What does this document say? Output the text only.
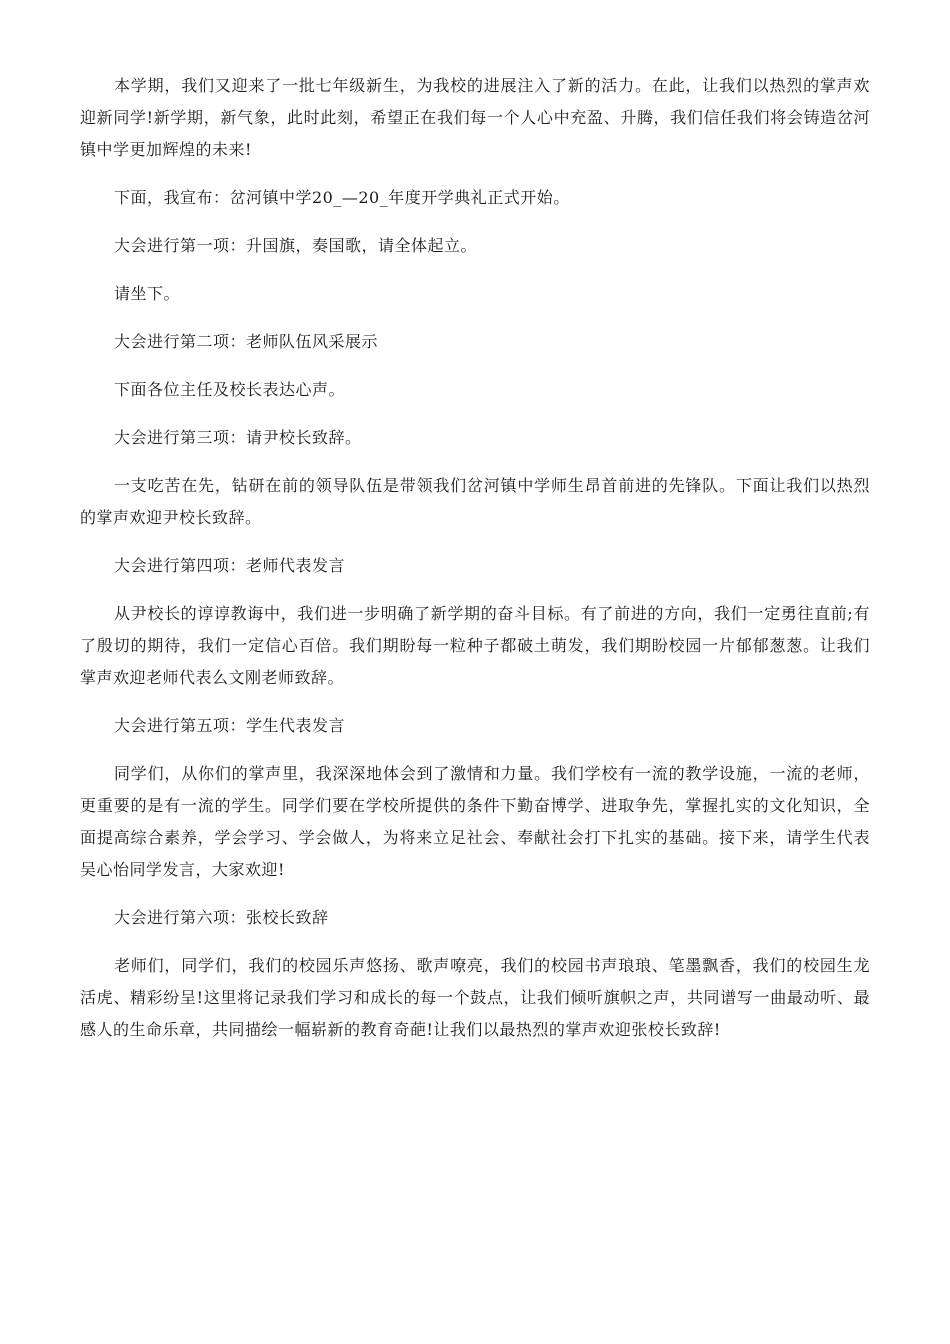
本学期，我们又迎来了一批七年级新生，为我校的进展注入了新的活力。在此，让我们以热烈的掌声欢迎新同学!新学期，新气象，此时此刻，希望正在我们每一个人心中充盈、升腾，我们信任我们将会铸造岔河镇中学更加辉煌的未来!

下面，我宣布：岔河镇中学20_—20_年度开学典礼正式开始。

大会进行第一项：升国旗，奏国歌，请全体起立。

请坐下。

大会进行第二项：老师队伍风采展示

下面各位主任及校长表达心声。

大会进行第三项：请尹校长致辞。

一支吃苦在先，钻研在前的领导队伍是带领我们岔河镇中学师生昂首前进的先锋队。下面让我们以热烈的掌声欢迎尹校长致辞。

大会进行第四项：老师代表发言

从尹校长的谆谆教诲中，我们进一步明确了新学期的奋斗目标。有了前进的方向，我们一定勇往直前;有了殷切的期待，我们一定信心百倍。我们期盼每一粒种子都破土萌发，我们期盼校园一片郁郁葱葱。让我们掌声欢迎老师代表么文刚老师致辞。

大会进行第五项：学生代表发言

同学们，从你们的掌声里，我深深地体会到了激情和力量。我们学校有一流的教学设施，一流的老师，更重要的是有一流的学生。同学们要在学校所提供的条件下勤奋博学、进取争先，掌握扎实的文化知识，全面提高综合素养，学会学习、学会做人，为将来立足社会、奉献社会打下扎实的基础。接下来，请学生代表吴心怡同学发言，大家欢迎!

大会进行第六项：张校长致辞

老师们，同学们，我们的校园乐声悠扬、歌声嘹亮，我们的校园书声琅琅、笔墨飘香，我们的校园生龙活虎、精彩纷呈!这里将记录我们学习和成长的每一个鼓点，让我们倾听旗帜之声，共同谱写一曲最动听、最感人的生命乐章，共同描绘一幅崭新的教育奇葩!让我们以最热烈的掌声欢迎张校长致辞!
